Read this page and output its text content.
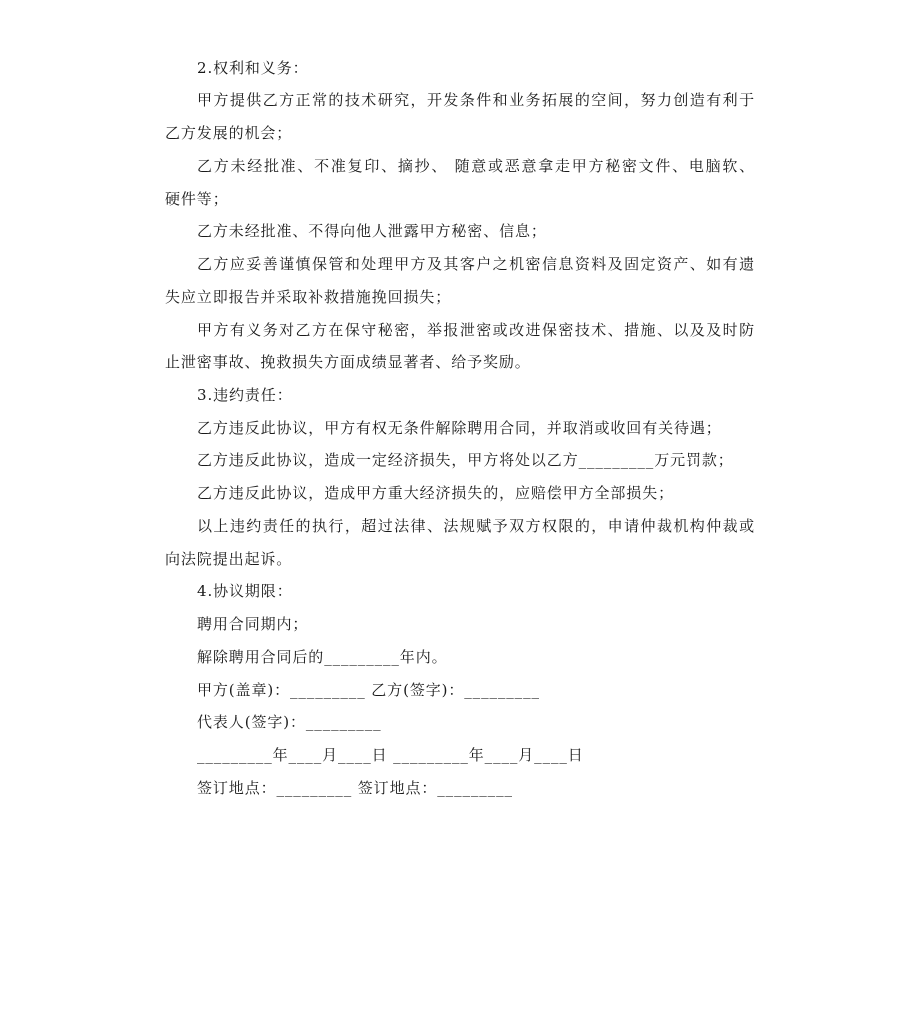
2.权利和义务：
甲方提供乙方正常的技术研究，开发条件和业务拓展的空间，努力创造有利于
乙方发展的机会；
乙方未经批准、不准复印、摘抄、 随意或恶意拿走甲方秘密文件、电脑软、
硬件等；
乙方未经批准、不得向他人泄露甲方秘密、信息；
乙方应妥善谨慎保管和处理甲方及其客户之机密信息资料及固定资产、如有遗
失应立即报告并采取补救措施挽回损失；
甲方有义务对乙方在保守秘密，举报泄密或改进保密技术、措施、以及及时防
止泄密事故、挽救损失方面成绩显著者、给予奖励。
3.违约责任：
乙方违反此协议，甲方有权无条件解除聘用合同，并取消或收回有关待遇；
乙方违反此协议，造成一定经济损失，甲方将处以乙方_________万元罚款；
乙方违反此协议，造成甲方重大经济损失的，应赔偿甲方全部损失；
以上违约责任的执行，超过法律、法规赋予双方权限的，申请仲裁机构仲裁或
向法院提出起诉。
4.协议期限：
聘用合同期内；
解除聘用合同后的_________年内。
甲方(盖章)：_________ 乙方(签字)：_________
代表人(签字)：_________
_________年____月____日 _________年____月____日
签订地点：_________ 签订地点：_________
